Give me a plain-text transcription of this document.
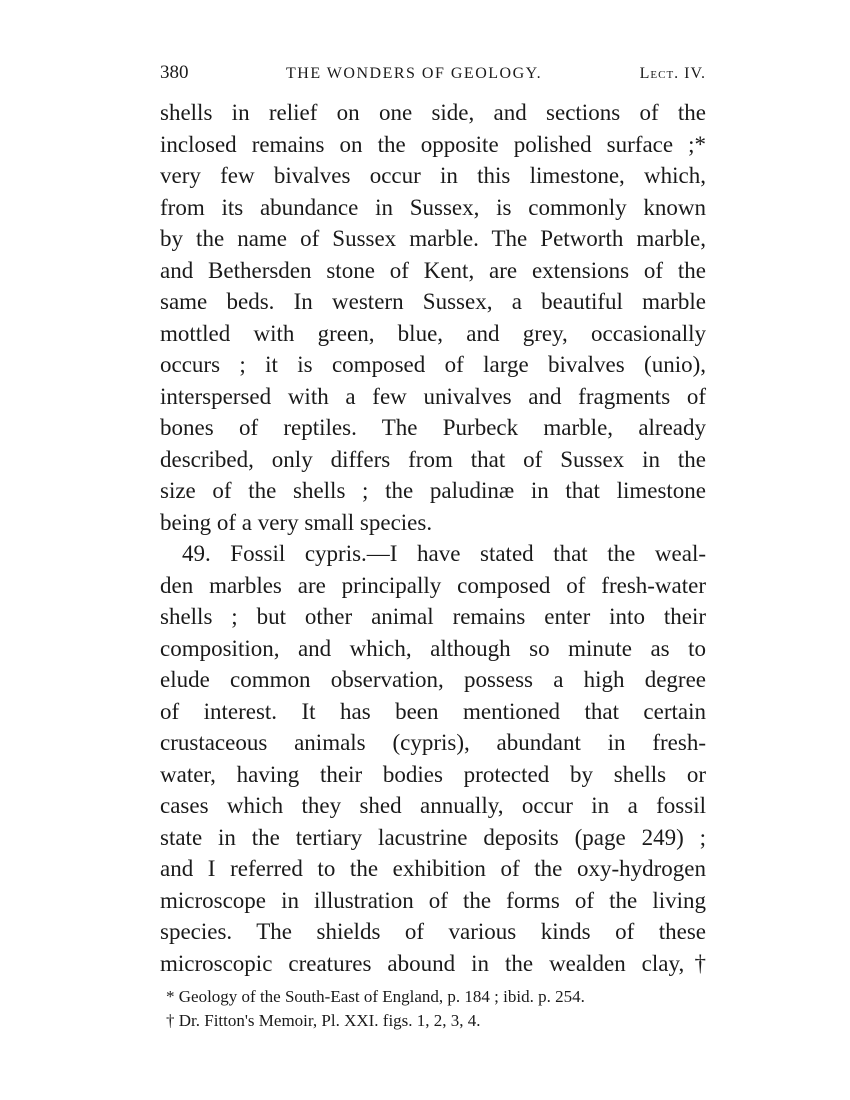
380	THE WONDERS OF GEOLOGY.	Lect. IV.
shells in relief on one side, and sections of the
inclosed remains on the opposite polished surface ;*
very few bivalves occur in this limestone, which,
from its abundance in Sussex, is commonly known
by the name of Sussex marble. The Petworth marble,
and Bethersden stone of Kent, are extensions of the
same beds. In western Sussex, a beautiful marble
mottled with green, blue, and grey, occasionally
occurs ; it is composed of large bivalves (unio),
interspersed with a few univalves and fragments of
bones of reptiles. The Purbeck marble, already
described, only differs from that of Sussex in the
size of the shells ; the paludinæ in that limestone
being of a very small species.
49. Fossil cypris.—I have stated that the weal-
den marbles are principally composed of fresh-water
shells ; but other animal remains enter into their
composition, and which, although so minute as to
elude common observation, possess a high degree
of interest. It has been mentioned that certain
crustaceous animals (cypris), abundant in fresh-
water, having their bodies protected by shells or
cases which they shed annually, occur in a fossil
state in the tertiary lacustrine deposits (page 249) ;
and I referred to the exhibition of the oxy-hydrogen
microscope in illustration of the forms of the living
species. The shields of various kinds of these
microscopic creatures abound in the wealden clay,†
* Geology of the South-East of England, p. 184 ; ibid. p. 254.
† Dr. Fitton's Memoir, Pl. XXI. figs. 1, 2, 3, 4.
